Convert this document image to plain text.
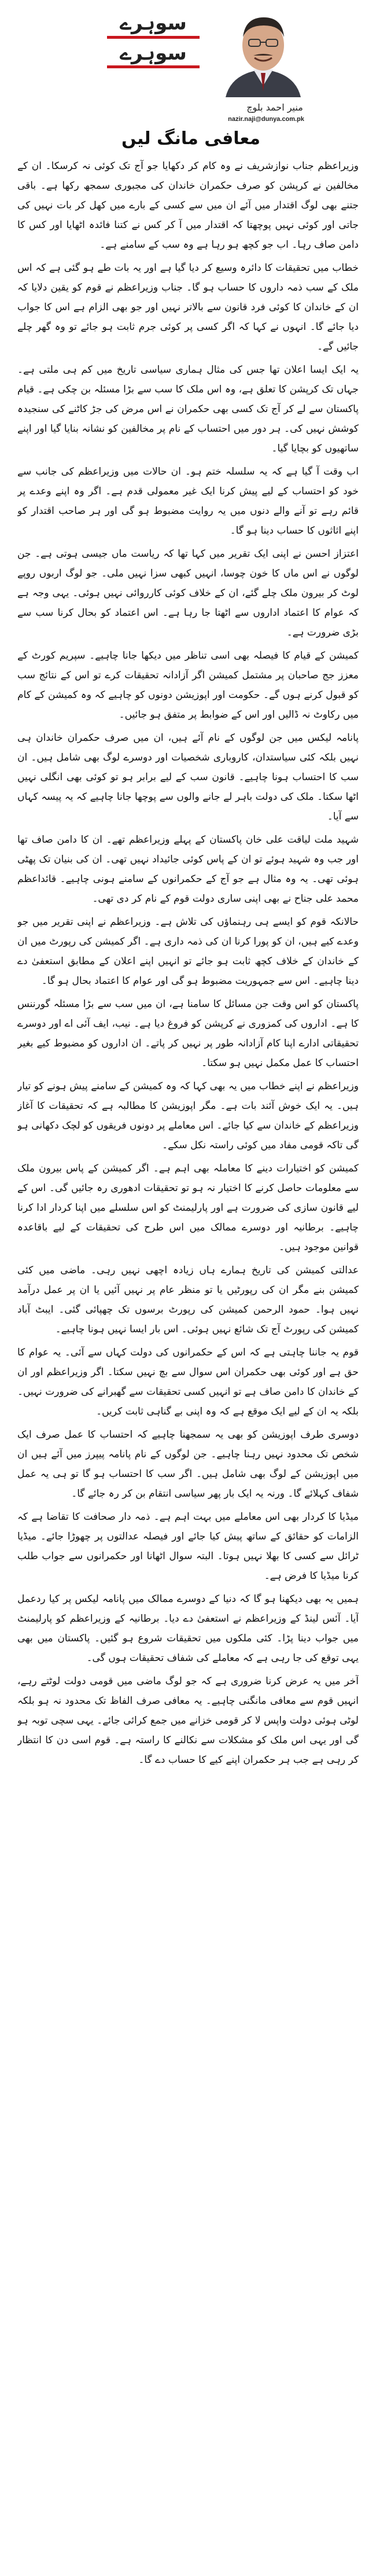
سوہرے
سوہرے
منیر احمد بلوچ
nazir.naji@dunya.com.pk
معافی مانگ لیں

وزیراعظم جناب نوازشریف نے وہ کام کر دکھایا جو آج تک کوئی نہ کرسکا۔ ان کے مخالفین نے کرپشن کو صرف حکمران خاندان کی مجبوری سمجھ رکھا ہے۔ باقی جتنے بھی لوگ اقتدار میں آئے ان میں سے کسی کے بارے میں کھل کر بات نہیں کی جاتی اور کوئی نہیں پوچھتا کہ اقتدار میں آ کر کس نے کتنا فائدہ اٹھایا اور کس کا دامن صاف رہا۔ اب جو کچھ ہو رہا ہے وہ سب کے سامنے ہے۔

خطاب میں تحقیقات کا دائرہ وسیع کر دیا گیا ہے اور یہ بات طے ہو گئی ہے کہ اس ملک کے سب ذمہ داروں کا حساب ہو گا۔ جناب وزیراعظم نے قوم کو یقین دلایا کہ ان کے خاندان کا کوئی فرد قانون سے بالاتر نہیں اور جو بھی الزام ہے اس کا جواب دیا جائے گا۔ انہوں نے کہا کہ اگر کسی پر کوئی جرم ثابت ہو جائے تو وہ گھر چلے جائیں گے۔

یہ ایک ایسا اعلان تھا جس کی مثال ہماری سیاسی تاریخ میں کم ہی ملتی ہے۔ جہاں تک کرپشن کا تعلق ہے، وہ اس ملک کا سب سے بڑا مسئلہ بن چکی ہے۔ قیام پاکستان سے لے کر آج تک کسی بھی حکمران نے اس مرض کی جڑ کاٹنے کی سنجیدہ کوشش نہیں کی۔ ہر دور میں احتساب کے نام پر مخالفین کو نشانہ بنایا گیا اور اپنے ساتھیوں کو بچایا گیا۔

اب وقت آ گیا ہے کہ یہ سلسلہ ختم ہو۔ ان حالات میں وزیراعظم کی جانب سے خود کو احتساب کے لیے پیش کرنا ایک غیر معمولی قدم ہے۔ اگر وہ اپنے وعدے پر قائم رہے تو آنے والے دنوں میں یہ روایت مضبوط ہو گی اور ہر صاحب اقتدار کو اپنے اثاثوں کا حساب دینا ہو گا۔

اعتزاز احسن نے اپنی ایک تقریر میں کہا تھا کہ ریاست ماں جیسی ہوتی ہے۔ جن لوگوں نے اس ماں کا خون چوسا، انہیں کبھی سزا نہیں ملی۔ جو لوگ اربوں روپے لوٹ کر بیرون ملک چلے گئے، ان کے خلاف کوئی کارروائی نہیں ہوئی۔ یہی وجہ ہے کہ عوام کا اعتماد اداروں سے اٹھتا جا رہا ہے۔ اس اعتماد کو بحال کرنا سب سے بڑی ضرورت ہے۔

کمیشن کے قیام کا فیصلہ بھی اسی تناظر میں دیکھا جانا چاہیے۔ سپریم کورٹ کے معزز جج صاحبان پر مشتمل کمیشن اگر آزادانہ تحقیقات کرے تو اس کے نتائج سب کو قبول کرنے ہوں گے۔ حکومت اور اپوزیشن دونوں کو چاہیے کہ وہ کمیشن کے کام میں رکاوٹ نہ ڈالیں اور اس کے ضوابط پر متفق ہو جائیں۔

پانامہ لیکس میں جن لوگوں کے نام آئے ہیں، ان میں صرف حکمران خاندان ہی نہیں بلکہ کئی سیاستدان، کاروباری شخصیات اور دوسرے لوگ بھی شامل ہیں۔ ان سب کا احتساب ہونا چاہیے۔ قانون سب کے لیے برابر ہو تو کوئی بھی انگلی نہیں اٹھا سکتا۔ ملک کی دولت باہر لے جانے والوں سے پوچھا جانا چاہیے کہ یہ پیسہ کہاں سے آیا۔

شہید ملت لیاقت علی خان پاکستان کے پہلے وزیراعظم تھے۔ ان کا دامن صاف تھا اور جب وہ شہید ہوئے تو ان کے پاس کوئی جائیداد نہیں تھی۔ ان کی بنیان تک پھٹی ہوئی تھی۔ یہ وہ مثال ہے جو آج کے حکمرانوں کے سامنے ہونی چاہیے۔ قائداعظم محمد علی جناح نے بھی اپنی ساری دولت قوم کے نام کر دی تھی۔

حالانکہ قوم کو ایسے ہی رہنماؤں کی تلاش ہے۔ وزیراعظم نے اپنی تقریر میں جو وعدے کیے ہیں، ان کو پورا کرنا ان کی ذمہ داری ہے۔ اگر کمیشن کی رپورٹ میں ان کے خاندان کے خلاف کچھ ثابت ہو جائے تو انہیں اپنے اعلان کے مطابق استعفیٰ دے دینا چاہیے۔ اس سے جمہوریت مضبوط ہو گی اور عوام کا اعتماد بحال ہو گا۔

پاکستان کو اس وقت جن مسائل کا سامنا ہے، ان میں سب سے بڑا مسئلہ گورننس کا ہے۔ اداروں کی کمزوری نے کرپشن کو فروغ دیا ہے۔ نیب، ایف آئی اے اور دوسرے تحقیقاتی ادارے اپنا کام آزادانہ طور پر نہیں کر پاتے۔ ان اداروں کو مضبوط کیے بغیر احتساب کا عمل مکمل نہیں ہو سکتا۔

وزیراعظم نے اپنے خطاب میں یہ بھی کہا کہ وہ کمیشن کے سامنے پیش ہونے کو تیار ہیں۔ یہ ایک خوش آئند بات ہے۔ مگر اپوزیشن کا مطالبہ ہے کہ تحقیقات کا آغاز وزیراعظم کے خاندان سے کیا جائے۔ اس معاملے پر دونوں فریقوں کو لچک دکھانی ہو گی تاکہ قومی مفاد میں کوئی راستہ نکل سکے۔

کمیشن کو اختیارات دینے کا معاملہ بھی اہم ہے۔ اگر کمیشن کے پاس بیرون ملک سے معلومات حاصل کرنے کا اختیار نہ ہو تو تحقیقات ادھوری رہ جائیں گی۔ اس کے لیے قانون سازی کی ضرورت ہے اور پارلیمنٹ کو اس سلسلے میں اپنا کردار ادا کرنا چاہیے۔ برطانیہ اور دوسرے ممالک میں اس طرح کی تحقیقات کے لیے باقاعدہ قوانین موجود ہیں۔

عدالتی کمیشن کی تاریخ ہمارے ہاں زیادہ اچھی نہیں رہی۔ ماضی میں کئی کمیشن بنے مگر ان کی رپورٹیں یا تو منظر عام پر نہیں آئیں یا ان پر عمل درآمد نہیں ہوا۔ حمود الرحمن کمیشن کی رپورٹ برسوں تک چھپائی گئی۔ ایبٹ آباد کمیشن کی رپورٹ آج تک شائع نہیں ہوئی۔ اس بار ایسا نہیں ہونا چاہیے۔

قوم یہ جاننا چاہتی ہے کہ اس کے حکمرانوں کی دولت کہاں سے آئی۔ یہ عوام کا حق ہے اور کوئی بھی حکمران اس سوال سے بچ نہیں سکتا۔ اگر وزیراعظم اور ان کے خاندان کا دامن صاف ہے تو انہیں کسی تحقیقات سے گھبرانے کی ضرورت نہیں۔ بلکہ یہ ان کے لیے ایک موقع ہے کہ وہ اپنی بے گناہی ثابت کریں۔

دوسری طرف اپوزیشن کو بھی یہ سمجھنا چاہیے کہ احتساب کا عمل صرف ایک شخص تک محدود نہیں رہنا چاہیے۔ جن لوگوں کے نام پانامہ پیپرز میں آئے ہیں ان میں اپوزیشن کے لوگ بھی شامل ہیں۔ اگر سب کا احتساب ہو گا تو ہی یہ عمل شفاف کہلائے گا۔ ورنہ یہ ایک بار پھر سیاسی انتقام بن کر رہ جائے گا۔

میڈیا کا کردار بھی اس معاملے میں بہت اہم ہے۔ ذمہ دار صحافت کا تقاضا ہے کہ الزامات کو حقائق کے ساتھ پیش کیا جائے اور فیصلہ عدالتوں پر چھوڑا جائے۔ میڈیا ٹرائل سے کسی کا بھلا نہیں ہوتا۔ البتہ سوال اٹھانا اور حکمرانوں سے جواب طلب کرنا میڈیا کا فرض ہے۔

ہمیں یہ بھی دیکھنا ہو گا کہ دنیا کے دوسرے ممالک میں پانامہ لیکس پر کیا ردعمل آیا۔ آئس لینڈ کے وزیراعظم نے استعفیٰ دے دیا۔ برطانیہ کے وزیراعظم کو پارلیمنٹ میں جواب دینا پڑا۔ کئی ملکوں میں تحقیقات شروع ہو گئیں۔ پاکستان میں بھی یہی توقع کی جا رہی ہے کہ معاملے کی شفاف تحقیقات ہوں گی۔

آخر میں یہ عرض کرنا ضروری ہے کہ جو لوگ ماضی میں قومی دولت لوٹتے رہے، انہیں قوم سے معافی مانگنی چاہیے۔ یہ معافی صرف الفاظ تک محدود نہ ہو بلکہ لوٹی ہوئی دولت واپس لا کر قومی خزانے میں جمع کرائی جائے۔ یہی سچی توبہ ہو گی اور یہی اس ملک کو مشکلات سے نکالنے کا راستہ ہے۔ قوم اسی دن کا انتظار کر رہی ہے جب ہر حکمران اپنے کیے کا حساب دے گا۔
